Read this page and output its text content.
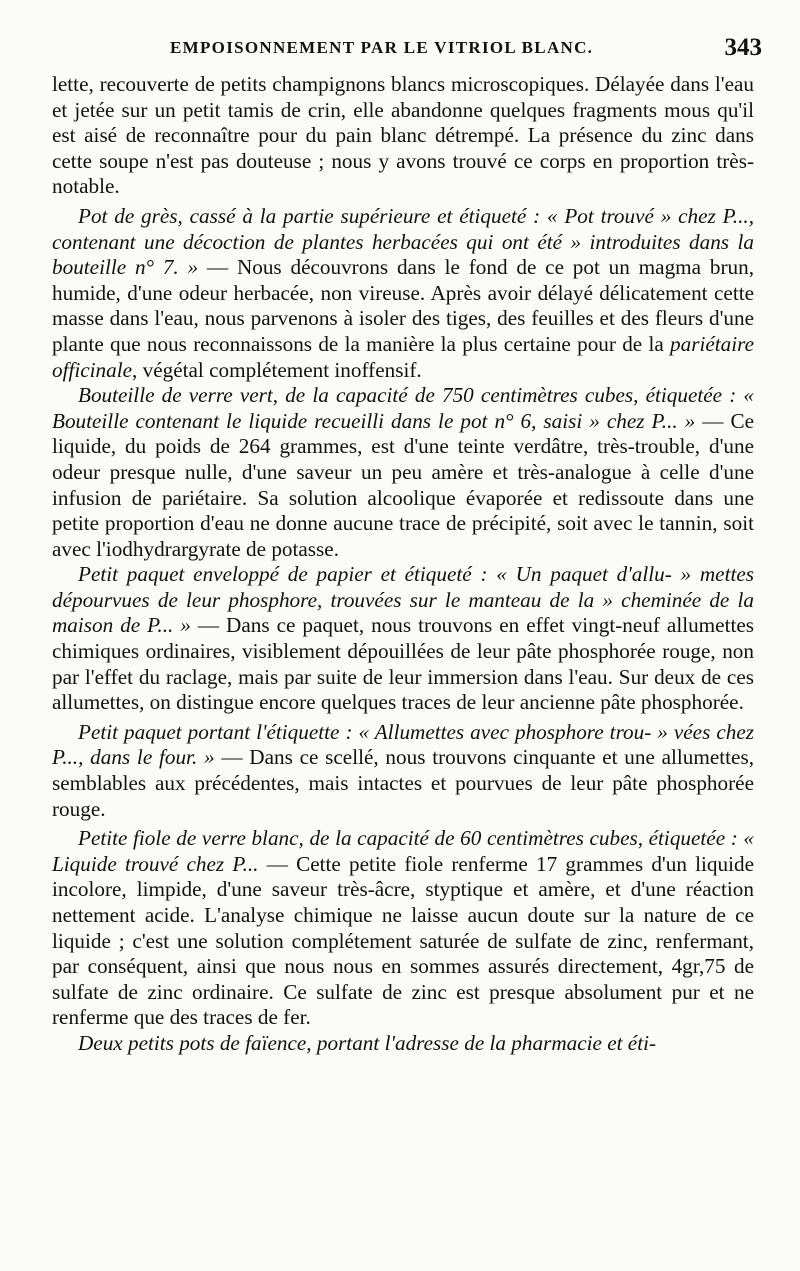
EMPOISONNEMENT PAR LE VITRIOL BLANC.	343

lette, recouverte de petits champignons blancs microscopiques. Délayée dans l'eau et jetée sur un petit tamis de crin, elle abandonne quelques fragments mous qu'il est aisé de reconnaître pour du pain blanc détrempé. La présence du zinc dans cette soupe n'est pas douteuse ; nous y avons trouvé ce corps en proportion très-notable.

Pot de grès, cassé à la partie supérieure et étiqueté : « Pot trouvé » chez P..., contenant une décoction de plantes herbacées qui ont été » introduites dans la bouteille n° 7. » — Nous découvrons dans le fond de ce pot un magma brun, humide, d'une odeur herbacée, non vireuse. Après avoir délayé délicatement cette masse dans l'eau, nous parvenons à isoler des tiges, des feuilles et des fleurs d'une plante que nous reconnaissons de la manière la plus certaine pour de la pariétaire officinale, végétal complétement inoffensif.

Bouteille de verre vert, de la capacité de 750 centimètres cubes, étiquetée : « Bouteille contenant le liquide recueilli dans le pot n° 6, saisi » chez P... » — Ce liquide, du poids de 264 grammes, est d'une teinte verdâtre, très-trouble, d'une odeur presque nulle, d'une saveur un peu amère et très-analogue à celle d'une infusion de pariétaire. Sa solution alcoolique évaporée et redissoute dans une petite proportion d'eau ne donne aucune trace de précipité, soit avec le tannin, soit avec l'iodhydrargyrate de potasse.

Petit paquet enveloppé de papier et étiqueté : « Un paquet d'allu- » mettes dépourvues de leur phosphore, trouvées sur le manteau de la » cheminée de la maison de P... » — Dans ce paquet, nous trouvons en effet vingt-neuf allumettes chimiques ordinaires, visiblement dépouillées de leur pâte phosphorée rouge, non par l'effet du raclage, mais par suite de leur immersion dans l'eau. Sur deux de ces allumettes, on distingue encore quelques traces de leur ancienne pâte phosphorée.

Petit paquet portant l'étiquette : « Allumettes avec phosphore trou- » vées chez P..., dans le four. » — Dans ce scellé, nous trouvons cinquante et une allumettes, semblables aux précédentes, mais intactes et pourvues de leur pâte phosphorée rouge.

Petite fiole de verre blanc, de la capacité de 60 centimètres cubes, étiquetée : « Liquide trouvé chez P... — Cette petite fiole renferme 17 grammes d'un liquide incolore, limpide, d'une saveur très-âcre, styptique et amère, et d'une réaction nettement acide. L'analyse chimique ne laisse aucun doute sur la nature de ce liquide ; c'est une solution complétement saturée de sulfate de zinc, renfermant, par conséquent, ainsi que nous nous en sommes assurés directement, 4gr,75 de sulfate de zinc ordinaire. Ce sulfate de zinc est presque absolument pur et ne renferme que des traces de fer.

Deux petits pots de faïence, portant l'adresse de la pharmacie et éti-
